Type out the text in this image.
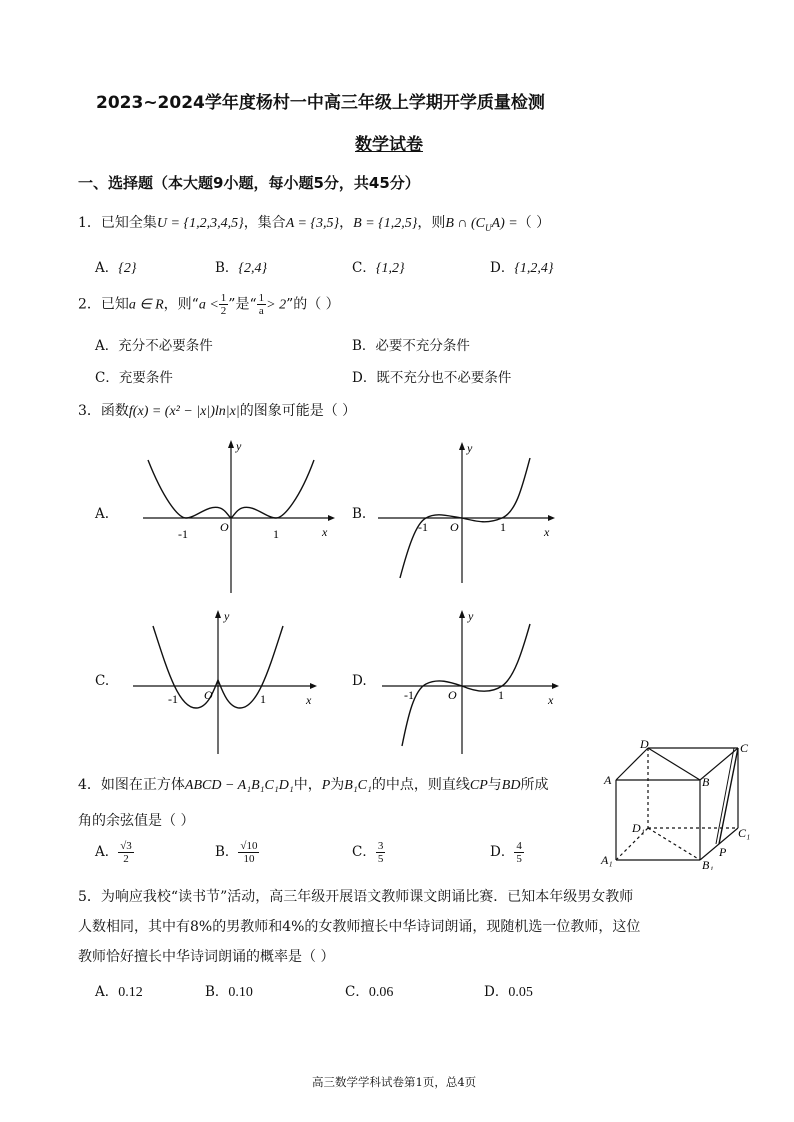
2023~2024学年度杨村一中高三年级上学期开学质量检测
数学试卷
一、选择题（本大题9小题，每小题5分，共45分）
1．已知全集U = {1,2,3,4,5}，集合A = {3,5}，B = {1,2,5}，则B ∩ $(C_UA)$ =（ ）
A．{2}	B．{2,4}	C．{1,2}	D．{1,2,4}
2．已知a ∈ R，则“$a < \frac{1}{2}$ ”是“ $\frac{1}{a} > 2$”的（ ）
A．充分不必要条件	B．必要不充分条件
C．充要条件	D．既不充分也不必要条件
3．函数f(x) = (x² − |x|)ln|x|的图象可能是（ ）
A.
-1	O	1	x
y
B.
-1 O	1	x
y
C.
-1 O	1	x
y
D.
-1	O	1	x
y
4．如图在正方体ABCD − A₁B₁C₁D₁中，P为B₁C₁的中点，则直线CP与BD所成
角的余弦值是（ ）
A． $\frac{√3}{2}$	B． $\frac{√10}{10}$	C． $\frac{3}{5}$	D． $\frac{4}{5}$
D	C
A	B
D₁	C₁
A₁	B₁
P
5．为响应我校“读书节”活动，高三年级开展语文教师课文朗诵比赛．已知本年级男女教师
人数相同，其中有8%的男教师和4%的女教师擅长中华诗词朗诵，现随机选一位教师，这位
教师恰好擅长中华诗词朗诵的概率是（ ）
A．0.12	B．0.10	C．0.06	D．0.05
高三数学学科试卷第1页，总4页
